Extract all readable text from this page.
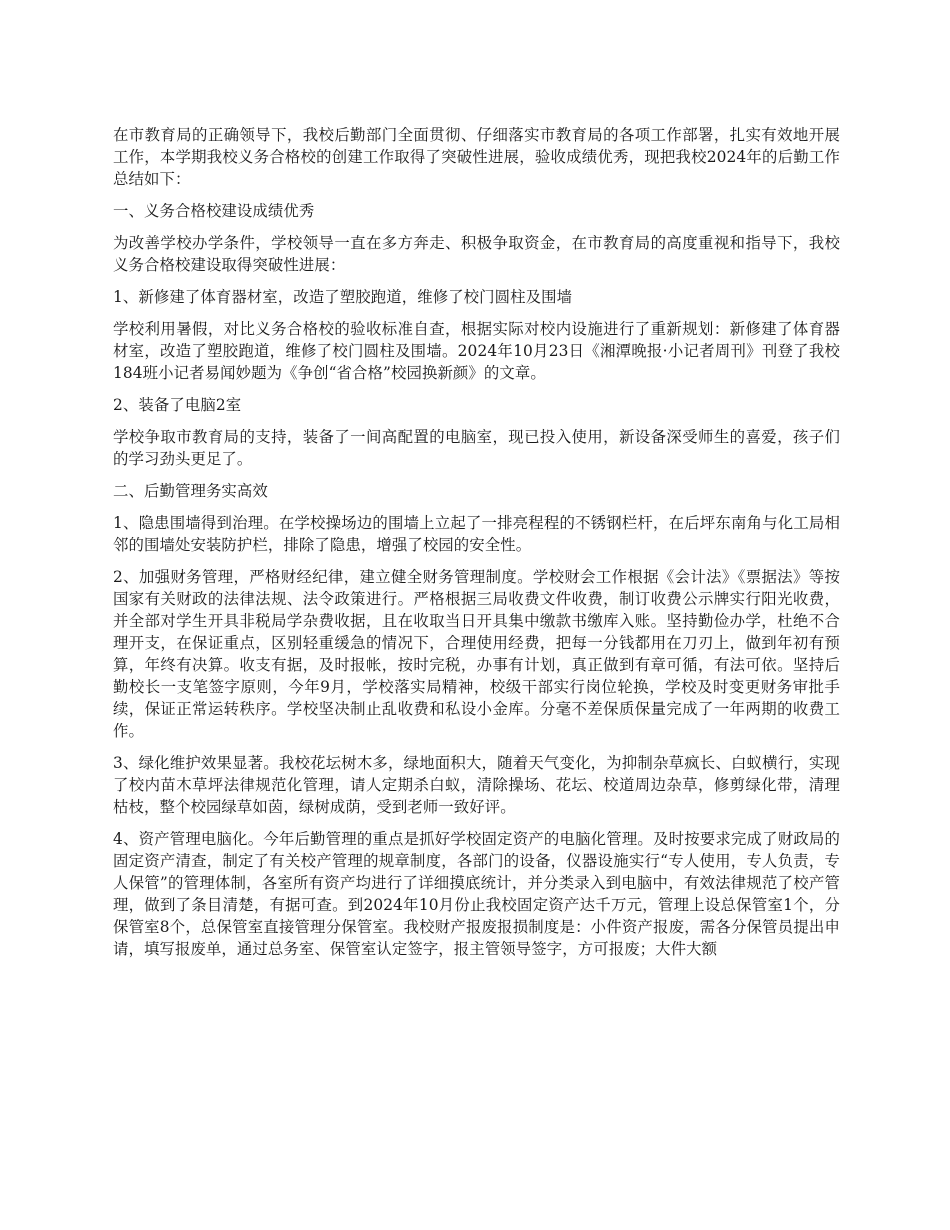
在市教育局的正确领导下，我校后勤部门全面贯彻、仔细落实市教育局的各项工作部署，扎实有效地开展工作，本学期我校义务合格校的创建工作取得了突破性进展，验收成绩优秀，现把我校2024年的后勤工作总结如下：

一、义务合格校建设成绩优秀

为改善学校办学条件，学校领导一直在多方奔走、积极争取资金，在市教育局的高度重视和指导下，我校义务合格校建设取得突破性进展：

1、新修建了体育器材室，改造了塑胶跑道，维修了校门圆柱及围墙

学校利用暑假，对比义务合格校的验收标准自查，根据实际对校内设施进行了重新规划：新修建了体育器材室，改造了塑胶跑道，维修了校门圆柱及围墙。2024年10月23日《湘潭晚报·小记者周刊》刊登了我校184班小记者易闻妙题为《争创“省合格”校园换新颜》的文章。

2、装备了电脑2室

学校争取市教育局的支持，装备了一间高配置的电脑室，现已投入使用，新设备深受师生的喜爱，孩子们的学习劲头更足了。

二、后勤管理务实高效

1、隐患围墙得到治理。在学校操场边的围墙上立起了一排亮程程的不锈钢栏杆，在后坪东南角与化工局相邻的围墙处安装防护栏，排除了隐患，增强了校园的安全性。

2、加强财务管理，严格财经纪律，建立健全财务管理制度。学校财会工作根据《会计法》《票据法》等按国家有关财政的法律法规、法令政策进行。严格根据三局收费文件收费，制订收费公示牌实行阳光收费，并全部对学生开具非税局学杂费收据，且在收取当日开具集中缴款书缴库入账。坚持勤俭办学，杜绝不合理开支，在保证重点，区别轻重缓急的情况下，合理使用经费，把每一分钱都用在刀刃上，做到年初有预算，年终有决算。收支有据，及时报帐，按时完税，办事有计划，真正做到有章可循，有法可依。坚持后勤校长一支笔签字原则，今年9月，学校落实局精神，校级干部实行岗位轮换，学校及时变更财务审批手续，保证正常运转秩序。学校坚决制止乱收费和私设小金库。分毫不差保质保量完成了一年两期的收费工作。

3、绿化维护效果显著。我校花坛树木多，绿地面积大，随着天气变化，为抑制杂草疯长、白蚁横行，实现了校内苗木草坪法律规范化管理，请人定期杀白蚁，清除操场、花坛、校道周边杂草，修剪绿化带，清理枯枝，整个校园绿草如茵，绿树成荫，受到老师一致好评。

4、资产管理电脑化。今年后勤管理的重点是抓好学校固定资产的电脑化管理。及时按要求完成了财政局的固定资产清查，制定了有关校产管理的规章制度，各部门的设备，仪器设施实行“专人使用，专人负责，专人保管”的管理体制，各室所有资产均进行了详细摸底统计，并分类录入到电脑中，有效法律规范了校产管理，做到了条目清楚，有据可查。到2024年10月份止我校固定资产达千万元，管理上设总保管室1个，分保管室8个，总保管室直接管理分保管室。我校财产报废报损制度是：小件资产报废，需各分保管员提出申请，填写报废单，通过总务室、保管室认定签字，报主管领导签字，方可报废；大件大额
